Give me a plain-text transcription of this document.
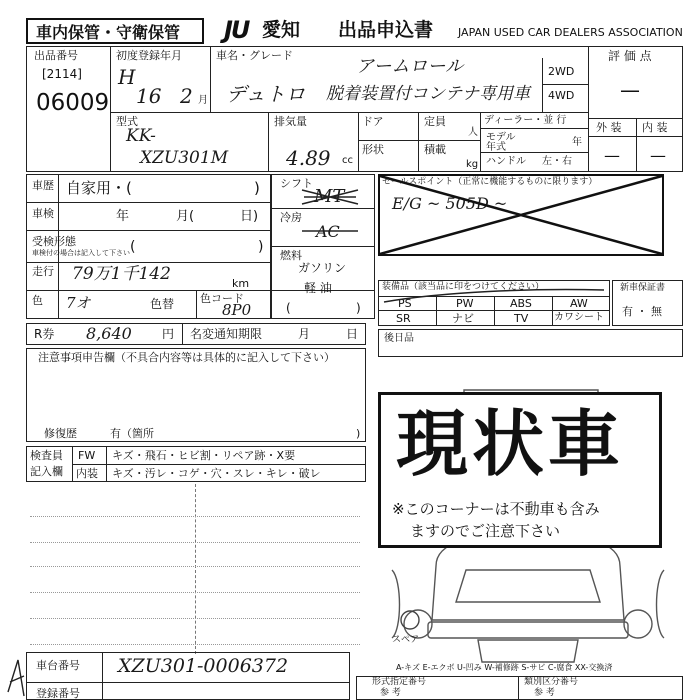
車内保管・守衛保管 JU 愛知 出品申込書 JAPAN USED CAR DEALERS ASSOCIATION
出品番号
[2114]
06009
初度登録年月
H
16 2 月
車名・グレード
アームロール
デュトロ 脱着装置付コンテナ専用車
2WD
4WD
評 価 点
—
外 装 内 装
— —
型式
KK-
XZU301M
排気量
4.89 cc
ドア	定員
人
形状	積載
kg
ディーラー・並 行
モデル 年式	年
ハンドル 左・右
車歴 自家用・(	)
車検	年	月(	日)
受検形態
車検付の場合は記入して下さい (	)
走行 79万1千142	km
色 7オ	色替
シフト
MT
冷房
AC
燃料
ガソリン
軽 油
(	)
色コード
8P0
セールスポイント（正常に機能するものに限ります）
E/G ~ 505D ~
装備品（該当品に印をつけてください）
PS	PW	ABS	AW
SR	ナビ	TV	カワシート
新車保証書
有 ・ 無
R券 8,640	円 名変通知期限	月	日	後日品
注意事項申告欄（不具合内容等は具体的に記入して下さい）
修復歴	有（箇所	)
検査員
記入欄
FW キズ・飛石・ヒビ割・リペア跡・X要
内装 キズ・汚レ・コゲ・穴・スレ・キレ・破レ
スペア
A-キズ E-エクボ U-凹み W-補修跡 S-サビ C-腐食 XX-交換済
現状車
※このコーナーは不動車も含み
ますのでご注意下さい
車台番号 XZU301-0006372
登録番号
形式指定番号
参 考
類別区分番号
参 考
